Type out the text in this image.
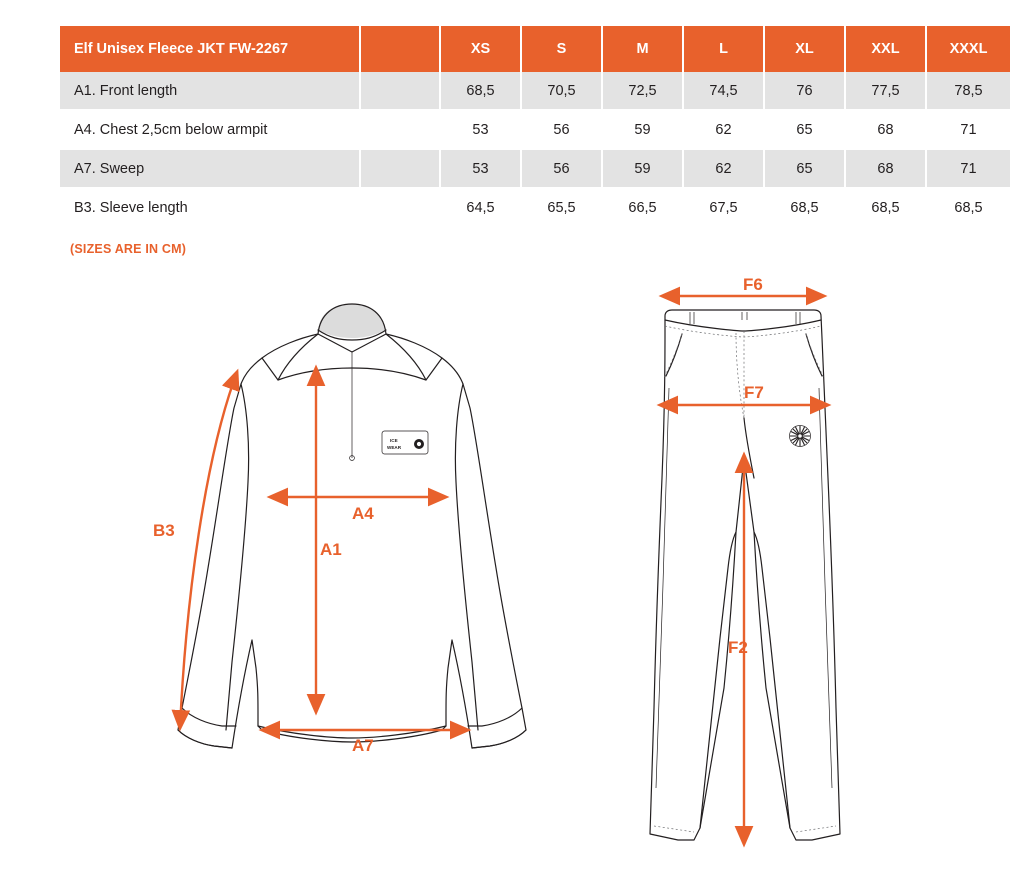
Elf Unisex Fleece JKT FW-2267		XS	S	M	L	XL	XXL	XXXL
A1. Front length		68,5	70,5	72,5	74,5	76	77,5	78,5
A4. Chest 2,5cm below armpit		53	56	59	62	65	68	71
A7. Sweep		53	56	59	62	65	68	71
B3. Sleeve length		64,5	65,5	66,5	67,5	68,5	68,5	68,5
(SIZES ARE IN CM)
ICE
WEAR
B3
A4
A1
A7
F6
F7
F2
